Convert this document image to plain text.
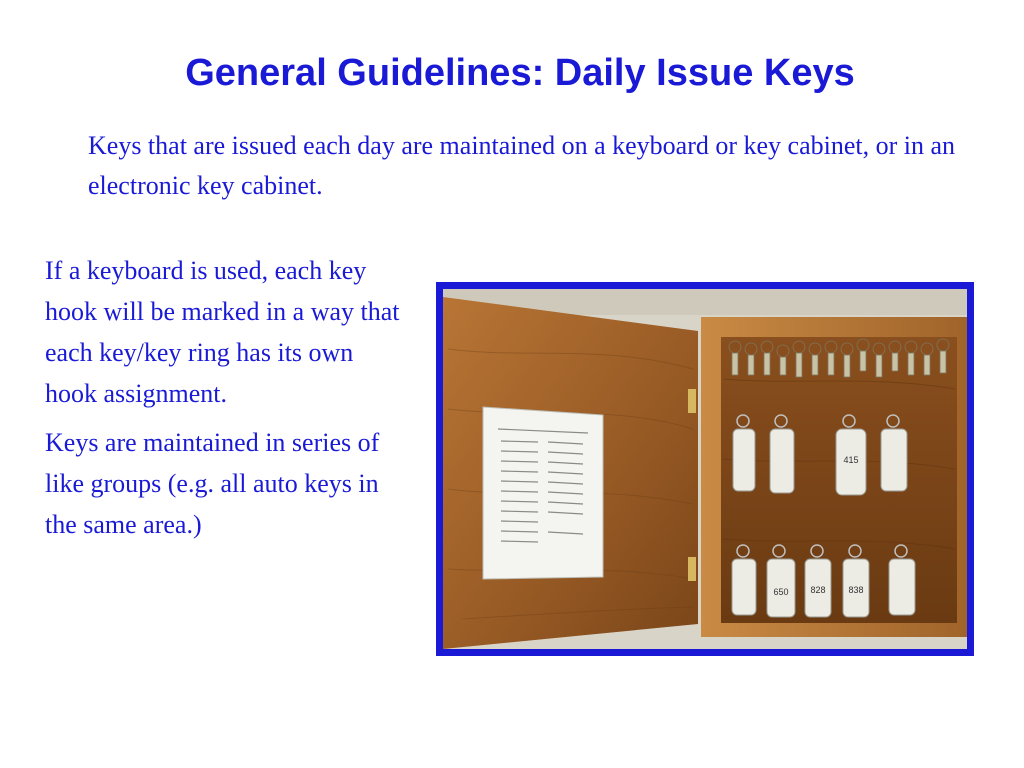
General Guidelines: Daily Issue Keys

Keys that are issued each day are maintained on a keyboard or key cabinet, or in an electronic key cabinet.

If a keyboard is used, each key hook will be marked in a way that each key/key ring has its own hook assignment.

Keys are maintained in series of like groups (e.g. all auto keys in the same area.)

415
650 828	838
